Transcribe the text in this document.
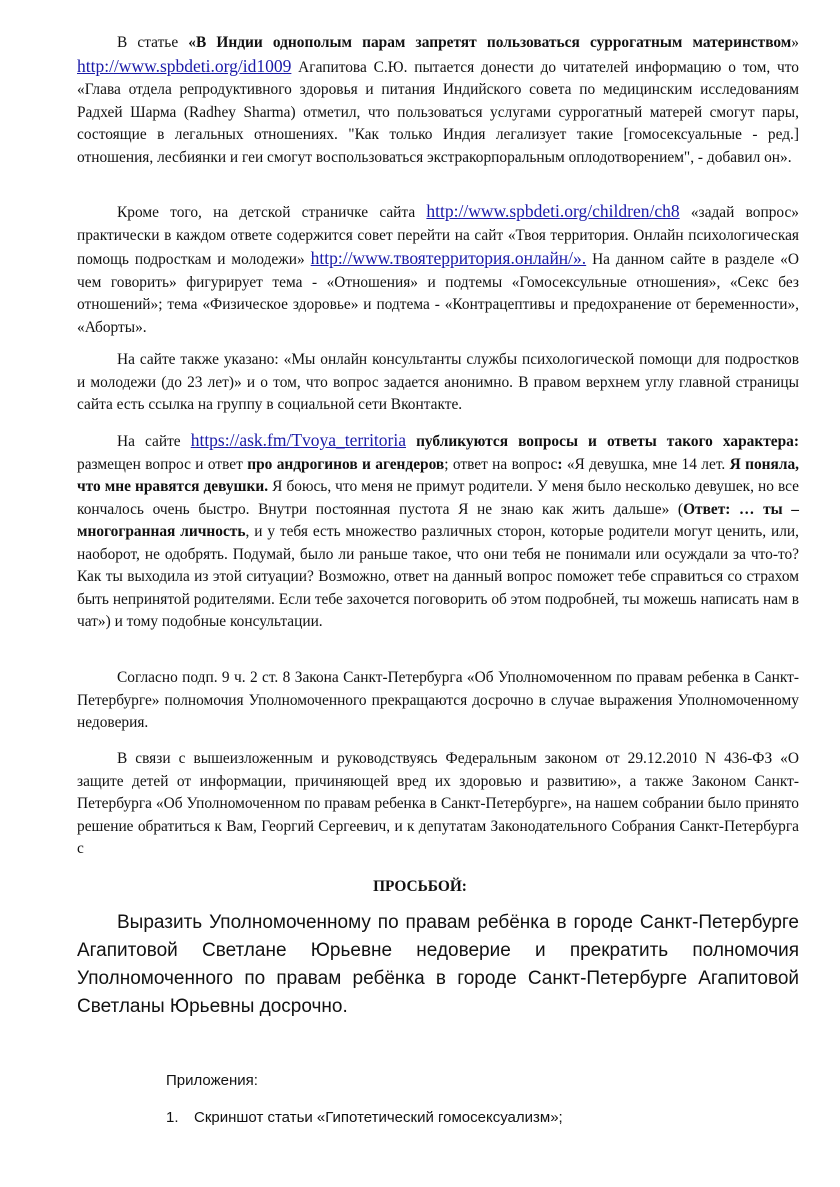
В статье «В Индии однополым парам запретят пользоваться суррогатным материнством» http://www.spbdeti.org/id1009 Агапитова С.Ю. пытается донести до читателей информацию о том, что «Глава отдела репродуктивного здоровья и питания Индийского совета по медицинским исследованиям Радхей Шарма (Radhey Sharma) отметил, что пользоваться услугами суррогатный матерей смогут пары, состоящие в легальных отношениях. "Как только Индия легализует такие [гомосексуальные - ред.] отношения, лесбиянки и геи смогут воспользоваться экстракорпоральным оплодотворением", - добавил он».

Кроме того, на детской страничке сайта http://www.spbdeti.org/children/ch8 «задай вопрос» практически в каждом ответе содержится совет перейти на сайт «Твоя территория. Онлайн психологическая помощь подросткам и молодежи» http://www.твоятерритория.онлайн/». На данном сайте в разделе «О чем говорить» фигурирует тема - «Отношения» и подтемы «Гомосексульные отношения», «Секс без отношений»; тема «Физическое здоровье» и подтема - «Контрацептивы и предохранение от беременности», «Аборты».

На сайте также указано: «Мы онлайн консультанты службы психологической помощи для подростков и молодежи (до 23 лет)» и о том, что вопрос задается анонимно. В правом верхнем углу главной страницы сайта есть ссылка на группу в социальной сети Вконтакте.

На сайте https://ask.fm/Tvoya_territoria публикуются вопросы и ответы такого характера: размещен вопрос и ответ про андрогинов и агендеров; ответ на вопрос: «Я девушка, мне 14 лет. Я поняла, что мне нравятся девушки. Я боюсь, что меня не примут родители. У меня было несколько девушек, но все кончалось очень быстро. Внутри постоянная пустота Я не знаю как жить дальше» (Ответ: … ты – многогранная личность, и у тебя есть множество различных сторон, которые родители могут ценить, или, наоборот, не одобрять. Подумай, было ли раньше такое, что они тебя не понимали или осуждали за что-то? Как ты выходила из этой ситуации? Возможно, ответ на данный вопрос поможет тебе справиться со страхом быть непринятой родителями. Если тебе захочется поговорить об этом подробней, ты можешь написать нам в чат») и тому подобные консультации.

Согласно подп. 9 ч. 2 ст. 8 Закона Санкт-Петербурга «Об Уполномоченном по правам ребенка в Санкт-Петербурге» полномочия Уполномоченного прекращаются досрочно в случае выражения Уполномоченному недоверия.

В связи с вышеизложенным и руководствуясь Федеральным законом от 29.12.2010 N 436-ФЗ «О защите детей от информации, причиняющей вред их здоровью и развитию», а также Законом Санкт-Петербурга «Об Уполномоченном по правам ребенка в Санкт-Петербурге», на нашем собрании было принято решение обратиться к Вам, Георгий Сергеевич, и к депутатам Законодательного Собрания Санкт-Петербурга с

ПРОСЬБОЙ:

Выразить Уполномоченному по правам ребёнка в городе Санкт-Петербурге Агапитовой Светлане Юрьевне недоверие и прекратить полномочия Уполномоченного по правам ребёнка в городе Санкт-Петербурге Агапитовой Светланы Юрьевны досрочно.

Приложения:
1. Скриншот статьи «Гипотетический гомосексуализм»;
